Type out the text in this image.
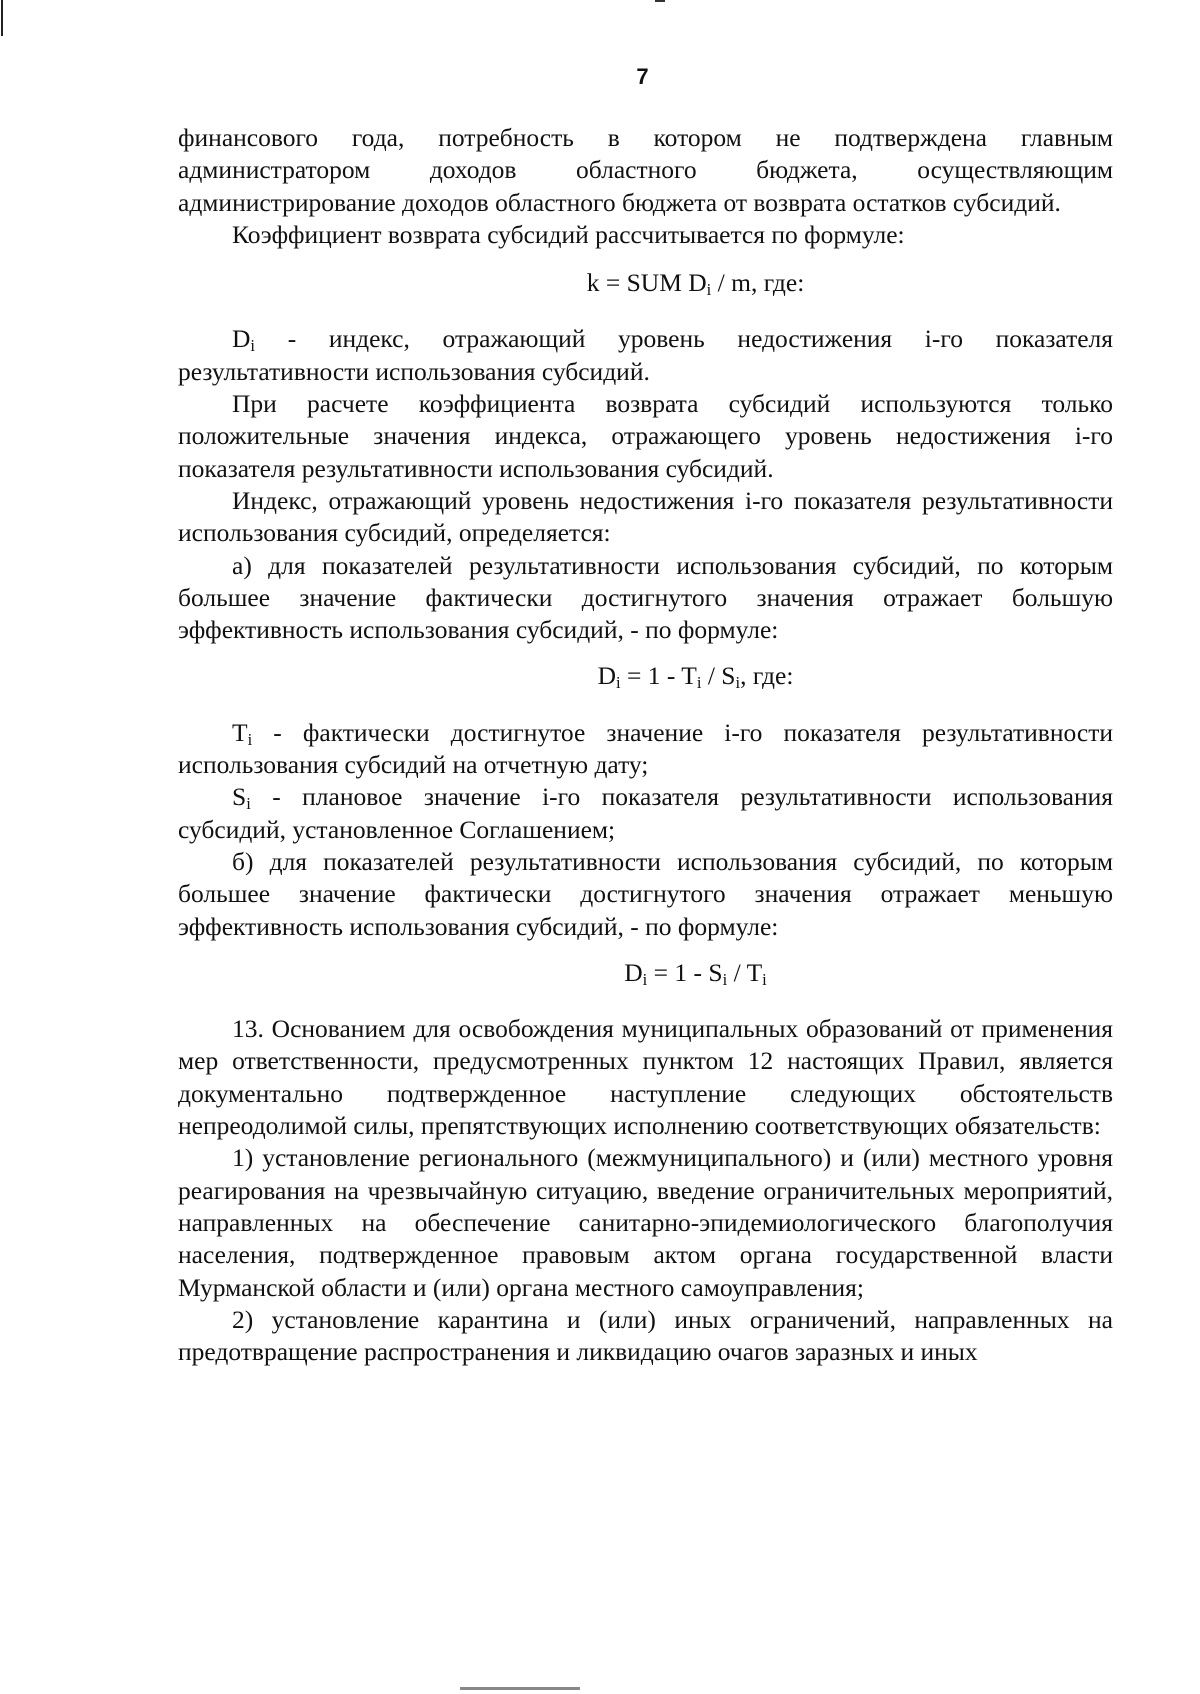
7

финансового года, потребность в котором не подтверждена главным администратором доходов областного бюджета, осуществляющим администрирование доходов областного бюджета от возврата остатков субсидий.

Коэффициент возврата субсидий рассчитывается по формуле:

k = SUM $D_i$ / m, где:

$D_i$ - индекс, отражающий уровень недостижения i-го показателя результативности использования субсидий.

При расчете коэффициента возврата субсидий используются только положительные значения индекса, отражающего уровень недостижения i-го показателя результативности использования субсидий.

Индекс, отражающий уровень недостижения i-го показателя результативности использования субсидий, определяется:

а) для показателей результативности использования субсидий, по которым большее значение фактически достигнутого значения отражает большую эффективность использования субсидий, - по формуле:

$D_i = 1 - T_i / S_i$, где:

$T_i$ - фактически достигнутое значение i-го показателя результативности использования субсидий на отчетную дату;

$S_i$ - плановое значение i-го показателя результативности использования субсидий, установленное Соглашением;

б) для показателей результативности использования субсидий, по которым большее значение фактически достигнутого значения отражает меньшую эффективность использования субсидий, - по формуле:

$D_i = 1 - S_i / T_i$

13. Основанием для освобождения муниципальных образований от применения мер ответственности, предусмотренных пунктом 12 настоящих Правил, является документально подтвержденное наступление следующих обстоятельств непреодолимой силы, препятствующих исполнению соответствующих обязательств:

1) установление регионального (межмуниципального) и (или) местного уровня реагирования на чрезвычайную ситуацию, введение ограничительных мероприятий, направленных на обеспечение санитарно-эпидемиологического благополучия населения, подтвержденное правовым актом органа государственной власти Мурманской области и (или) органа местного самоуправления;

2) установление карантина и (или) иных ограничений, направленных на предотвращение распространения и ликвидацию очагов заразных и иных
